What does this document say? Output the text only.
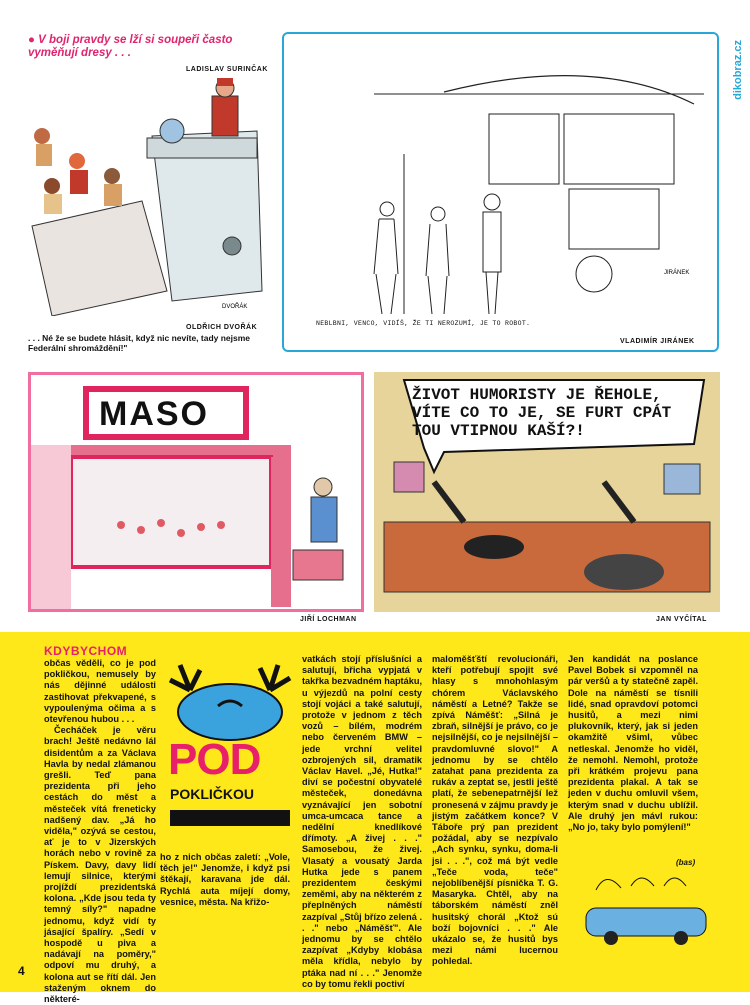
dikobraz.cz
● V boji pravdy se lží si soupeři často vyměňují dresy . . .
LADISLAV SURINČAK
DVOŘÁK
OLDŘICH DVOŘÁK
. . . Né že se budete hlásit, když nic nevíte, tady nejsme Federální shromáždění!"
JIRÁNEK
NEBLBNI, VENCO, VIDÍŠ, ŽE TI NEROZUMÍ, JE TO ROBOT.
VLADIMÍR JIRÁNEK
MASO
JIŘÍ LOCHMAN
ŽIVOT HUMORISTY JE ŘEHOLE, VÍTE CO TO JE, SE FURT CPÁT TOU VTIPNOU KAŠÍ?!
JAN VYČÍTAL
KDYBYCHOM

občas věděli, co je pod pokličkou, nemusely by nás dějinné události zastihovat překvapené, s vypoulenýma očima a s otevřenou hubou . . .

Čecháček je věru brach! Ještě nedávno lál disidentům a za Václava Havla by nedal zlámanou grešli. Teď pana prezidenta při jeho cestách do měst a městeček vítá freneticky nadšený dav. „Já ho viděla," ozývá se cestou, ať je to v Jizerských horách nebo v rovině za Pískem. Davy, davy lidí lemují silnice, kterými projíždí prezidentská kolona. „Kde jsou teda ty temný síly?" napadne jednomu, když vidí ty jásající špalíry. „Sedí v hospodě u piva a nadávají na poměry," odpoví mu druhý, a kolona aut se řítí dál. Jen staženým oknem do některé-

POD
POKLIČKOU
ho z nich občas zaletí: „Vole, těch je!" Jenomže, i když psi štěkají, karavana jde dál. Rychlá auta míjejí domy, vesnice, města. Na křižo-
vatkách stojí příslušníci a salutují, břicha vypjatá v takřka bezvadném haptáku, u výjezdů na polní cesty stojí vojáci a také salutují, protože v jednom z těch vozů – bílém, modrém nebo červeném BMW – jede vrchní velitel ozbrojených sil, dramatik Václav Havel. „Jé, Hutka!" diví se počestní obyvatelé městeček, donedávna vyznávající jen sobotní umca-umcaca tance a nedělní knedlíkové dřímoty. „A živej . . ." Samosebou, že živej. Vlasatý a vousatý Jarda Hutka jede s panem prezidentem českými zeměmi, aby na některém z přeplněných náměstí zazpíval „Stůj břízo zelená . . ." nebo „Náměšť". Ale jednomu by se chtělo zazpívat „Kdyby klobása měla křídla, nebylo by ptáka nad ní . . ." Jenomže co by tomu řekli poctiví
maloměšťští revolucionáři, kteří potřebují spojit své hlasy s mnohohlasým chórem Václavského náměstí a Letné? Takže se zpívá Náměšť: „Silná je zbraň, silnější je právo, co je nejsilnější, co je nejsilnější – pravdomluvné slovo!" A jednomu by se chtělo zatahat pana prezidenta za rukáv a zeptat se, jestli ještě platí, že sebenepatrnější lež pronesená v zájmu pravdy je jistým začátkem konce? V Táboře prý pan prezident požádal, aby se nezpívalo „Ach synku, synku, doma-li jsi . . .", což má být vedle „Teče voda, teče" nejoblíbenější písnička T. G. Masaryka. Chtěl, aby na táborském náměstí zněl husitský chorál „Ktož sú boží bojovníci . . ." Ale ukázalo se, že husitů bys mezi námi lucernou pohledal.
Jen kandidát na poslance Pavel Bobek si vzpomněl na pár veršů a ty statečně zapěl. Dole na náměstí se tísnili lidé, snad opravdoví potomci husitů, a mezi nimi plukovník, který, jak si jeden okamžitě všiml, vůbec netleskal. Jenomže ho viděl, že nemohl. Nemohl, protože při krátkém projevu pana prezidenta plakal. A tak se jeden v duchu omluvil všem, kterým snad v duchu ublížil. Ale druhý jen mávl rukou: „No jo, taky bylo pomýlení!"
(bas)
4
